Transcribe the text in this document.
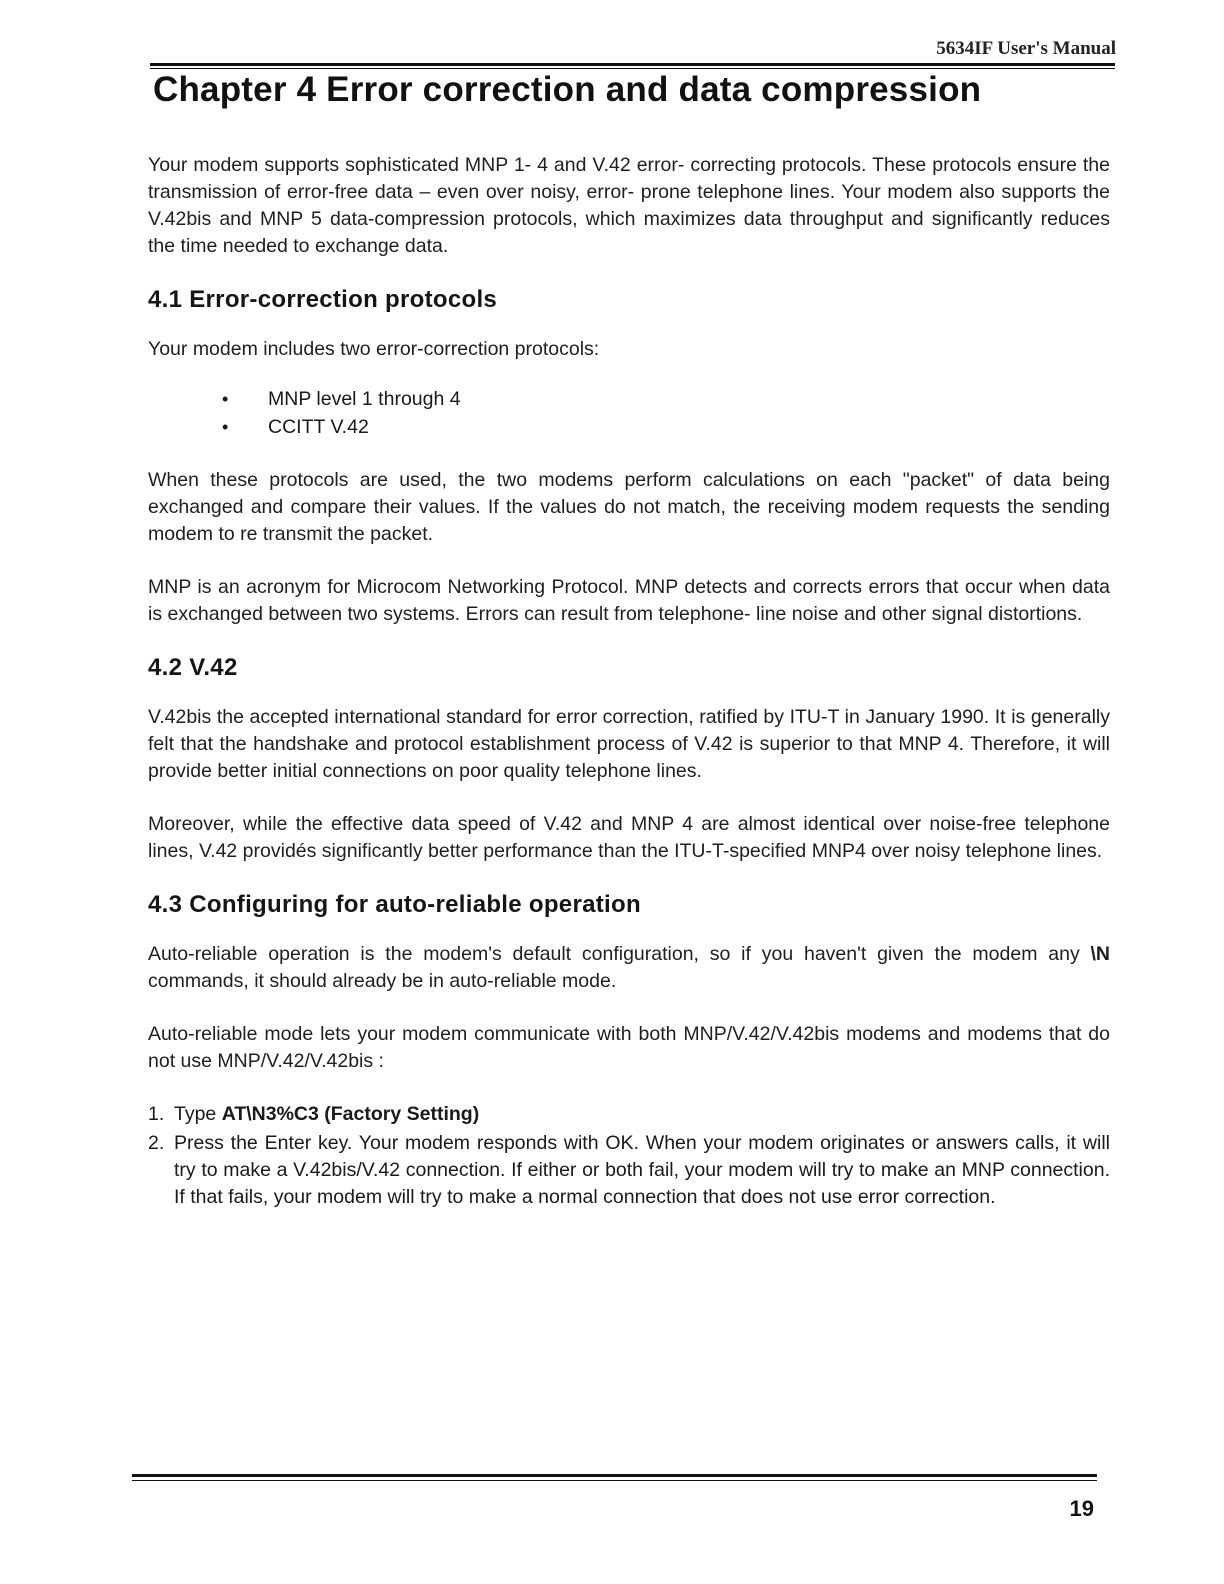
5634IF User's Manual
Chapter 4 Error correction and data compression

Your modem supports sophisticated MNP 1- 4 and V.42 error- correcting protocols. These protocols ensure the transmission of error-free data – even over noisy, error- prone telephone lines. Your modem also supports the V.42bis and MNP 5 data-compression protocols, which maximizes data throughput and significantly reduces the time needed to exchange data.

4.1 Error-correction protocols

Your modem includes two error-correction protocols:

• MNP level 1 through 4
• CCITT V.42

When these protocols are used, the two modems perform calculations on each "packet" of data being exchanged and compare their values. If the values do not match, the receiving modem requests the sending modem to re transmit the packet.

MNP is an acronym for Microcom Networking Protocol. MNP detects and corrects errors that occur when data is exchanged between two systems. Errors can result from telephone- line noise and other signal distortions.

4.2 V.42

V.42bis the accepted international standard for error correction, ratified by ITU-T in January 1990. It is generally felt that the handshake and protocol establishment process of V.42 is superior to that MNP 4. Therefore, it will provide better initial connections on poor quality telephone lines.

Moreover, while the effective data speed of V.42 and MNP 4 are almost identical over noise-free telephone lines, V.42 providés significantly better performance than the ITU-T-specified MNP4 over noisy telephone lines.

4.3 Configuring for auto-reliable operation

Auto-reliable operation is the modem's default configuration, so if you haven't given the modem any \N commands, it should already be in auto-reliable mode.

Auto-reliable mode lets your modem communicate with both MNP/V.42/V.42bis modems and modems that do not use MNP/V.42/V.42bis :

1. Type AT\N3%C3 (Factory Setting)
2. Press the Enter key. Your modem responds with OK. When your modem originates or answers calls, it will try to make a V.42bis/V.42 connection. If either or both fail, your modem will try to make an MNP connection. If that fails, your modem will try to make a normal connection that does not use error correction.
19
